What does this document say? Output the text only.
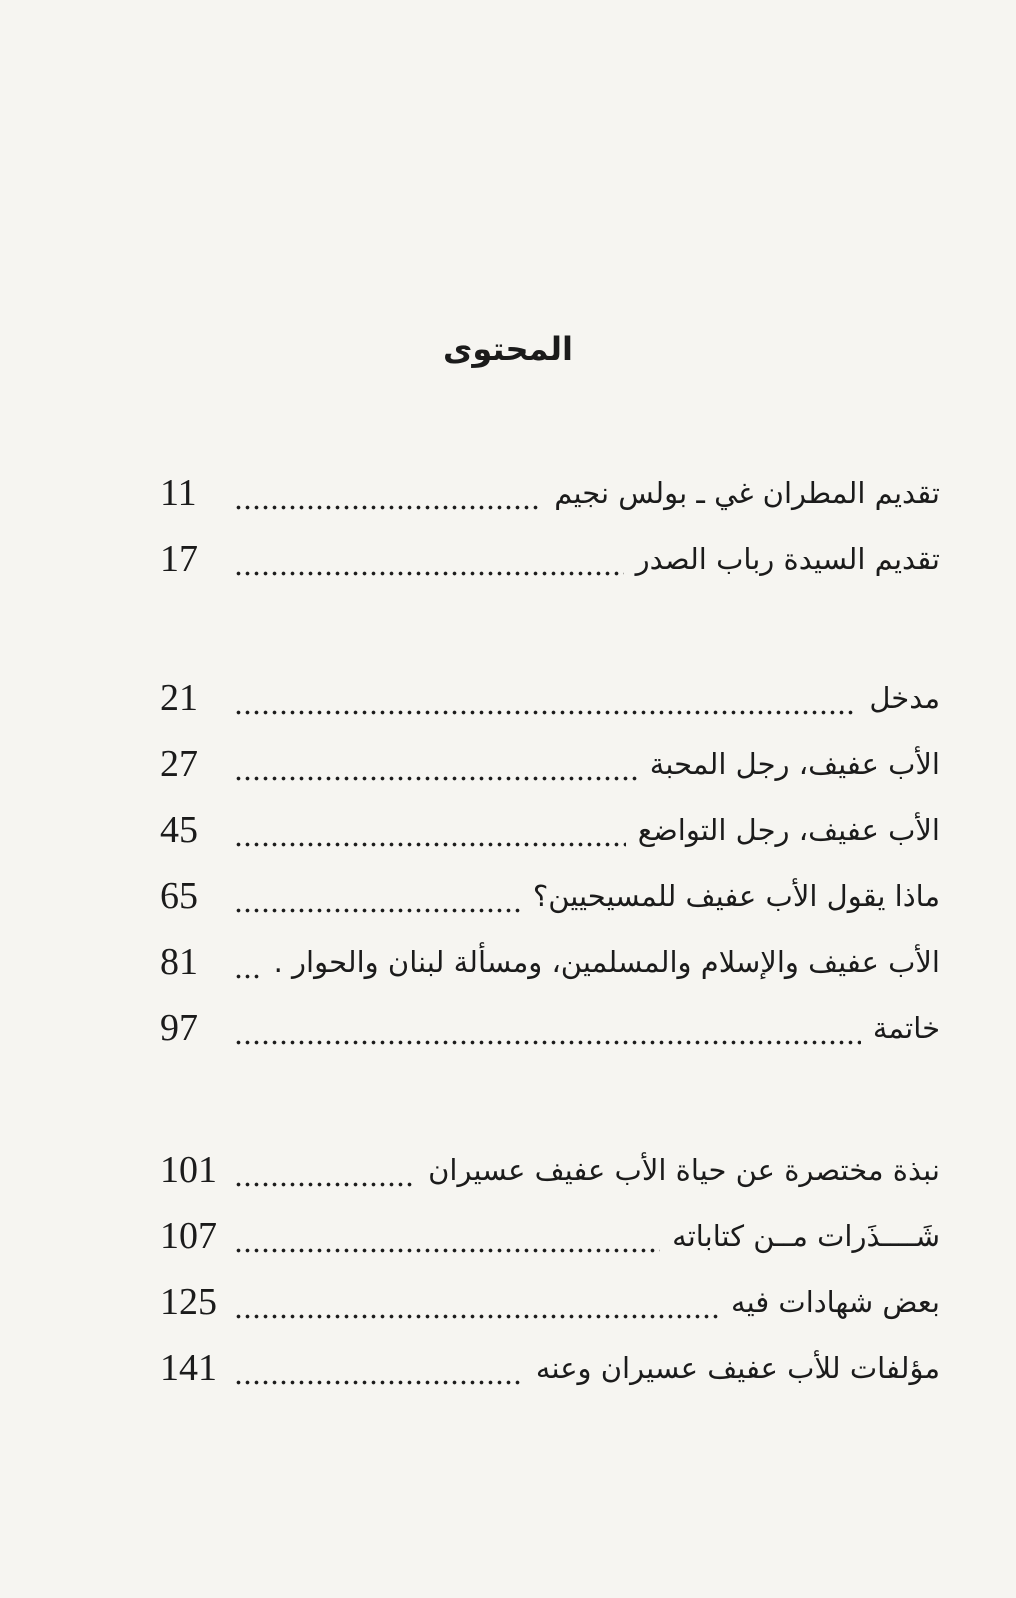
المحتوى
تقديم المطران غي ـ بولس نجيم
11
تقديم السيدة رباب الصدر
17
مدخل
21
الأب عفيف، رجل المحبة
27
الأب عفيف، رجل التواضع
45
ماذا يقول الأب عفيف للمسيحيين؟
65
الأب عفيف والإسلام والمسلمين، ومسألة لبنان والحوار .
81
خاتمة
97
نبذة مختصرة عن حياة الأب عفيف عسيران
101
شَــــذَرات مــن كتاباته
107
بعض شهادات فيه
125
مؤلفات للأب عفيف عسيران وعنه
141
